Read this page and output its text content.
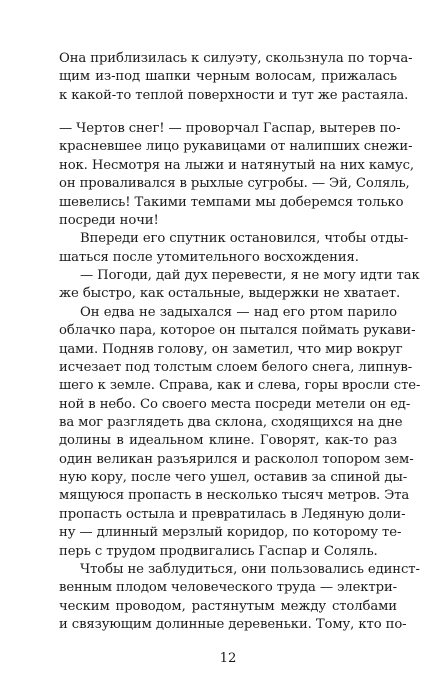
Она приблизилась к силуэту, скользнула по торча-
щим из-под шапки черным волосам, прижалась
к какой-то теплой поверхности и тут же растаяла.
— Чертов снег! — проворчал Гаспар, вытерев по-
красневшее лицо рукавицами от налипших снежи-
нок. Несмотря на лыжи и натянутый на них камус,
он проваливался в рыхлые сугробы. — Эй, Соляль,
шевелись! Такими темпами мы доберемся только
посреди ночи!
Впереди его спутник остановился, чтобы отды-
шаться после утомительного восхождения.
— Погоди, дай дух перевести, я не могу идти так
же быстро, как остальные, выдержки не хватает.
Он едва не задыхался — над его ртом парило
облачко пара, которое он пытался поймать рукави-
цами. Подняв голову, он заметил, что мир вокруг
исчезает под толстым слоем белого снега, липнув-
шего к земле. Справа, как и слева, горы вросли сте-
ной в небо. Со своего места посреди метели он ед-
ва мог разглядеть два склона, сходящихся на дне
долины в идеальном клине. Говорят, как-то раз
один великан разъярился и расколол топором зем-
ную кору, после чего ушел, оставив за спиной ды-
мящуюся пропасть в несколько тысяч метров. Эта
пропасть остыла и превратилась в Ледяную доли-
ну — длинный мерзлый коридор, по которому те-
перь с трудом продвигались Гаспар и Соляль.
Чтобы не заблудиться, они пользовались единст-
венным плодом человеческого труда — электри-
ческим проводом, растянутым между столбами
и связующим долинные деревеньки. Тому, кто по-
12
